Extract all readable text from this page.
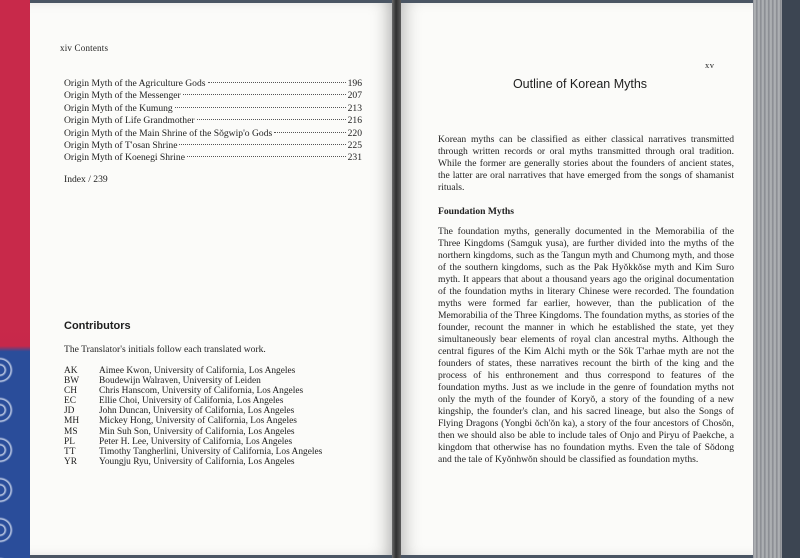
xiv Contents
Origin Myth of the Agriculture Gods	196
Origin Myth of the Messenger	207
Origin Myth of the Kumung	213
Origin Myth of Life Grandmother	216
Origin Myth of the Main Shrine of the Sŏgwip'o Gods	220
Origin Myth of T'osan Shrine	225
Origin Myth of Koenegi Shrine	231
Index / 239
Contributors
The Translator's initials follow each translated work.
AK	Aimee Kwon, University of California, Los Angeles
BW	Boudewijn Walraven, University of Leiden
CH	Chris Hanscom, University of California, Los Angeles
EC	Ellie Choi, University of California, Los Angeles
JD	John Duncan, University of California, Los Angeles
MH	Mickey Hong, University of California, Los Angeles
MS	Min Suh Son, University of California, Los Angeles
PL	Peter H. Lee, University of California, Los Angeles
TT	Timothy Tangherlini, University of California, Los Angeles
YR	Youngju Ryu, University of California, Los Angeles
xv
Outline of Korean Myths

Korean myths can be classified as either classical narratives transmitted through written records or oral myths transmitted through oral tradition. While the former are generally stories about the founders of ancient states, the latter are oral narratives that have emerged from the songs of shamanist rituals.

Foundation Myths

The foundation myths, generally documented in the Memorabilia of the Three Kingdoms (Samguk yusa), are further divided into the myths of the northern kingdoms, such as the Tangun myth and Chumong myth, and those of the southern kingdoms, such as the Pak Hyŏkkŏse myth and Kim Suro myth. It appears that about a thousand years ago the original documentation of the foundation myths in literary Chinese were recorded. The foundation myths were formed far earlier, however, than the publication of the Memorabilia of the Three Kingdoms. The foundation myths, as stories of the founder, recount the manner in which he established the state, yet they simultaneously bear elements of royal clan ancestral myths. Although the central figures of the Kim Alchi myth or the Sŏk T'arhae myth are not the founders of states, these narratives recount the birth of the king and the process of his enthronement and thus correspond to features of the foundation myths. Just as we include in the genre of foundation myths not only the myth of the founder of Koryŏ, a story of the founding of a new kingship, the founder's clan, and his sacred lineage, but also the Songs of Flying Dragons (Yongbi ŏch'ŏn ka), a story of the four ancestors of Chosŏn, then we should also be able to include tales of Onjo and Piryu of Paekche, a kingdom that otherwise has no foundation myths. Even the tale of Sŏdong and the tale of Kyŏnhwŏn should be classified as foundation myths.
